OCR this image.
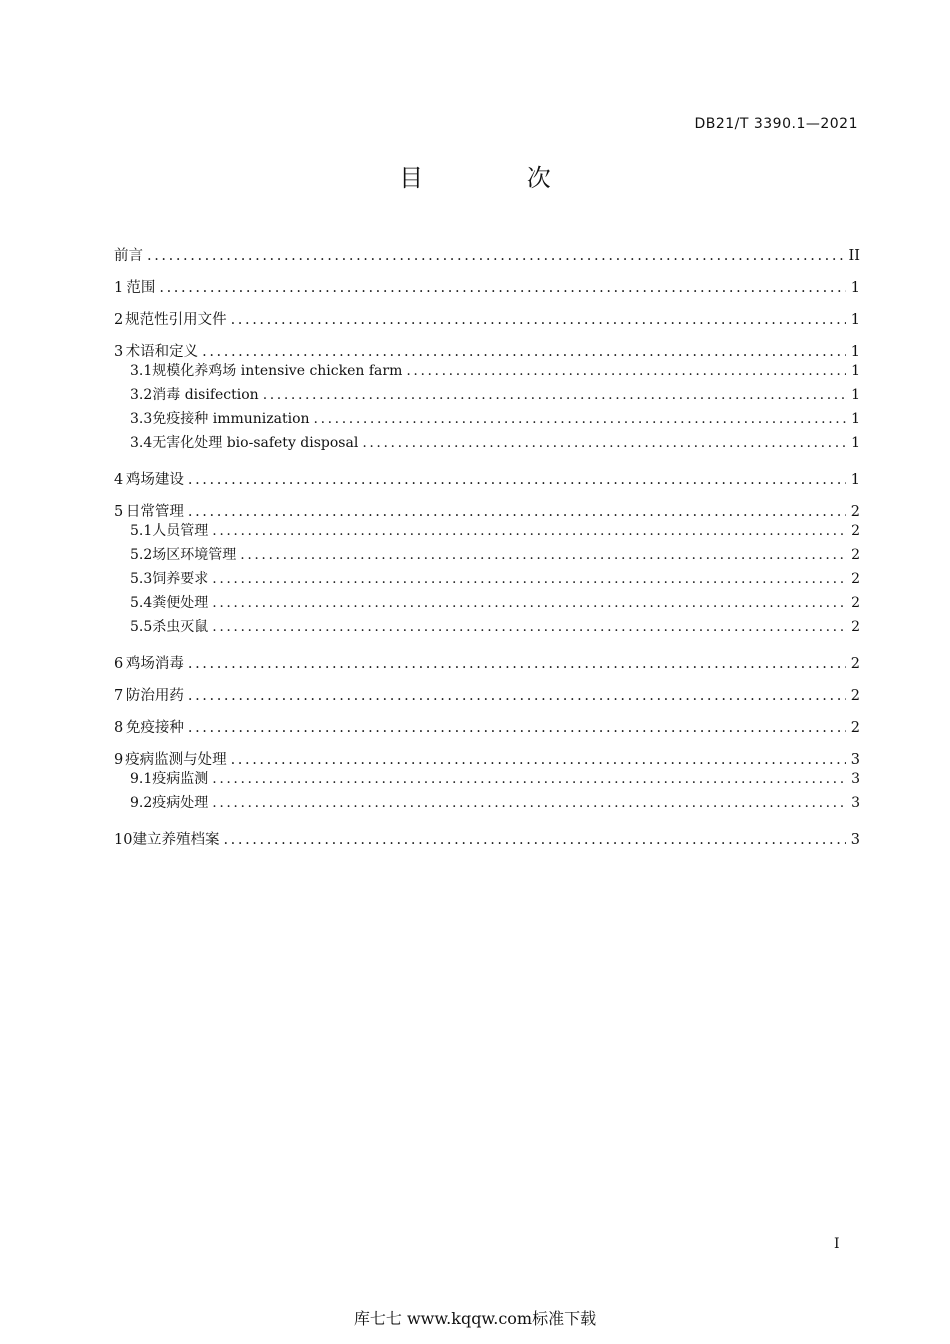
DB21/T 3390.1—2021
目 次
前言 .....	II
1 范围 .....	1
2 规范性引用文件 .....	1
3 术语和定义 .....	1
3.1 规模化养鸡场 intensive chicken farm .....	1
3.2 消毒 disifection .....	1
3.3 免疫接种 immunization .....	1
3.4 无害化处理 bio-safety disposal .....	1
4 鸡场建设 .....	1
5 日常管理 .....	2
5.1 人员管理 .....	2
5.2 场区环境管理 .....	2
5.3 饲养要求 .....	2
5.4 粪便处理 .....	2
5.5 杀虫灭鼠 .....	2
6 鸡场消毒 .....	2
7 防治用药 .....	2
8 免疫接种 .....	2
9 疫病监测与处理 .....	3
9.1 疫病监测 .....	3
9.2 疫病处理 .....	3
10 建立养殖档案 .....	3
I
库七七 www.kqqw.com标准下载
